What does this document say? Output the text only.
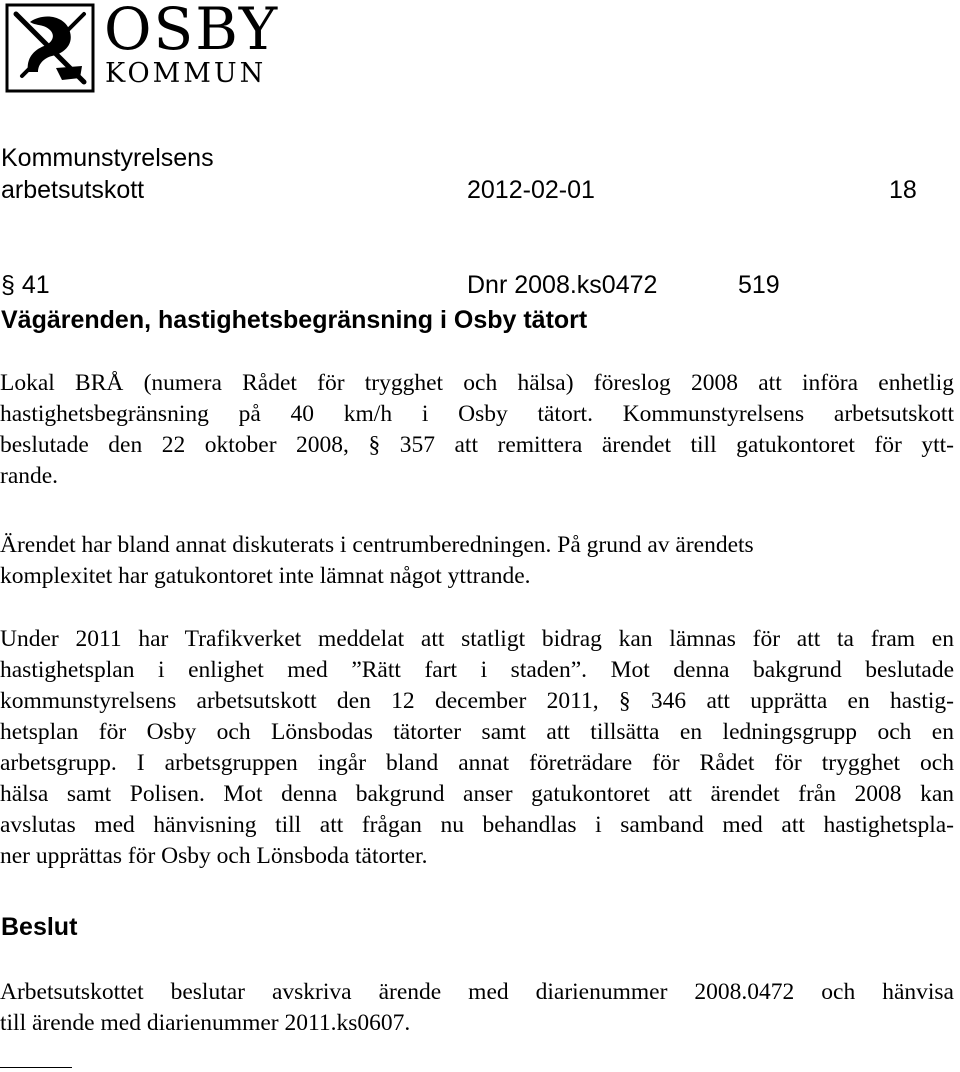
OSBY
KOMMUN
Kommunstyrelsens
arbetsutskott	2012-02-01	18
§ 41	Dnr 2008.ks0472	519
Vägärenden, hastighetsbegränsning i Osby tätort
Lokal BRÅ (numera Rådet för trygghet och hälsa) föreslog 2008 att införa enhetlig
hastighetsbegränsning på 40 km/h i Osby tätort. Kommunstyrelsens arbetsutskott
beslutade den 22 oktober 2008, § 357 att remittera ärendet till gatukontoret för ytt-
rande.
Ärendet har bland annat diskuterats i centrumberedningen. På grund av ärendets
komplexitet har gatukontoret inte lämnat något yttrande.
Under 2011 har Trafikverket meddelat att statligt bidrag kan lämnas för att ta fram en
hastighetsplan i enlighet med ”Rätt fart i staden”. Mot denna bakgrund beslutade
kommunstyrelsens arbetsutskott den 12 december 2011, § 346 att upprätta en hastig-
hetsplan för Osby och Lönsbodas tätorter samt att tillsätta en ledningsgrupp och en
arbetsgrupp. I arbetsgruppen ingår bland annat företrädare för Rådet för trygghet och
hälsa samt Polisen. Mot denna bakgrund anser gatukontoret att ärendet från 2008 kan
avslutas med hänvisning till att frågan nu behandlas i samband med att hastighetspla-
ner upprättas för Osby och Lönsboda tätorter.
Beslut
Arbetsutskottet beslutar avskriva ärende med diarienummer 2008.0472 och hänvisa
till ärende med diarienummer 2011.ks0607.
